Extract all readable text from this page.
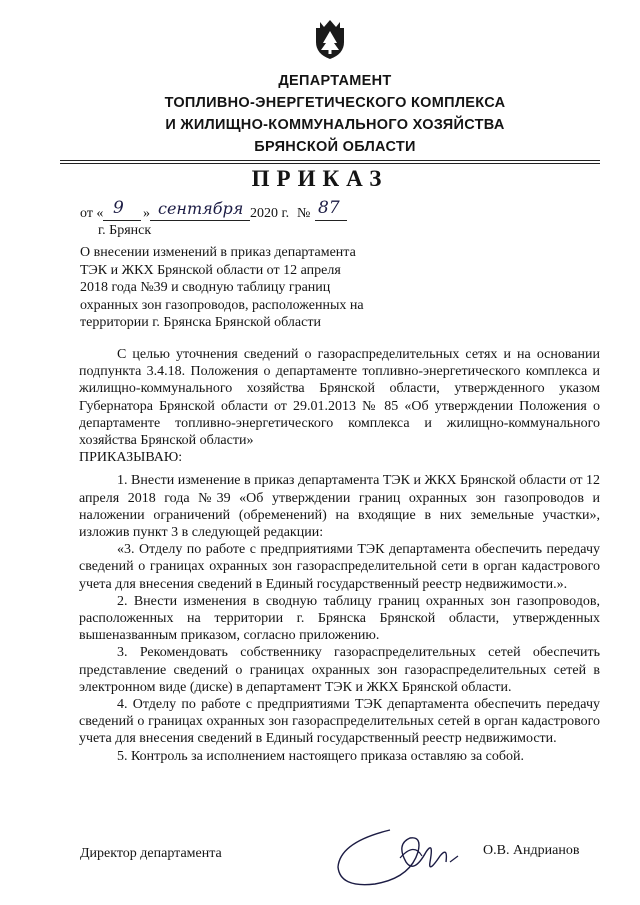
ДЕПАРТАМЕНТ
ТОПЛИВНО-ЭНЕРГЕТИЧЕСКОГО КОМПЛЕКСА
И ЖИЛИЩНО-КОММУНАЛЬНОГО ХОЗЯЙСТВА
БРЯНСКОЙ ОБЛАСТИ
ПРИКАЗ
от « 9 » сентября 2020 г. № 87
г. Брянск
О внесении изменений в приказ департамента
ТЭК и ЖКХ Брянской области от 12 апреля
2018 года №39 и сводную таблицу границ
охранных зон газопроводов, расположенных на
территории г. Брянска Брянской области
С целью уточнения сведений о газораспределительных сетях и на основании подпункта 3.4.18. Положения о департаменте топливно-энергетического комплекса и жилищно-коммунального хозяйства Брянской области, утвержденного указом Губернатора Брянской области от 29.01.2013 № 85 «Об утверждении Положения о департаменте топливно-энергетического комплекса и жилищно-коммунального хозяйства Брянской области»
ПРИКАЗЫВАЮ:
1. Внести изменение в приказ департамента ТЭК и ЖКХ Брянской области от 12 апреля 2018 года №39 «Об утверждении границ охранных зон газопроводов и наложении ограничений (обременений) на входящие в них земельные участки», изложив пункт 3 в следующей редакции:
«3. Отделу по работе с предприятиями ТЭК департамента обеспечить передачу сведений о границах охранных зон газораспределительной сети в орган кадастрового учета для внесения сведений в Единый государственный реестр недвижимости.».
2. Внести изменения в сводную таблицу границ охранных зон газопроводов, расположенных на территории г. Брянска Брянской области, утвержденных вышеназванным приказом, согласно приложению.
3. Рекомендовать собственнику газораспределительных сетей обеспечить представление сведений о границах охранных зон газораспределительных сетей в электронном виде (диске) в департамент ТЭК и ЖКХ Брянской области.
4. Отделу по работе с предприятиями ТЭК департамента обеспечить передачу сведений о границах охранных зон газораспределительных сетей в орган кадастрового учета для внесения сведений в Единый государственный реестр недвижимости.
5. Контроль за исполнением настоящего приказа оставляю за собой.
Директор департамента	О.В. Андрианов
